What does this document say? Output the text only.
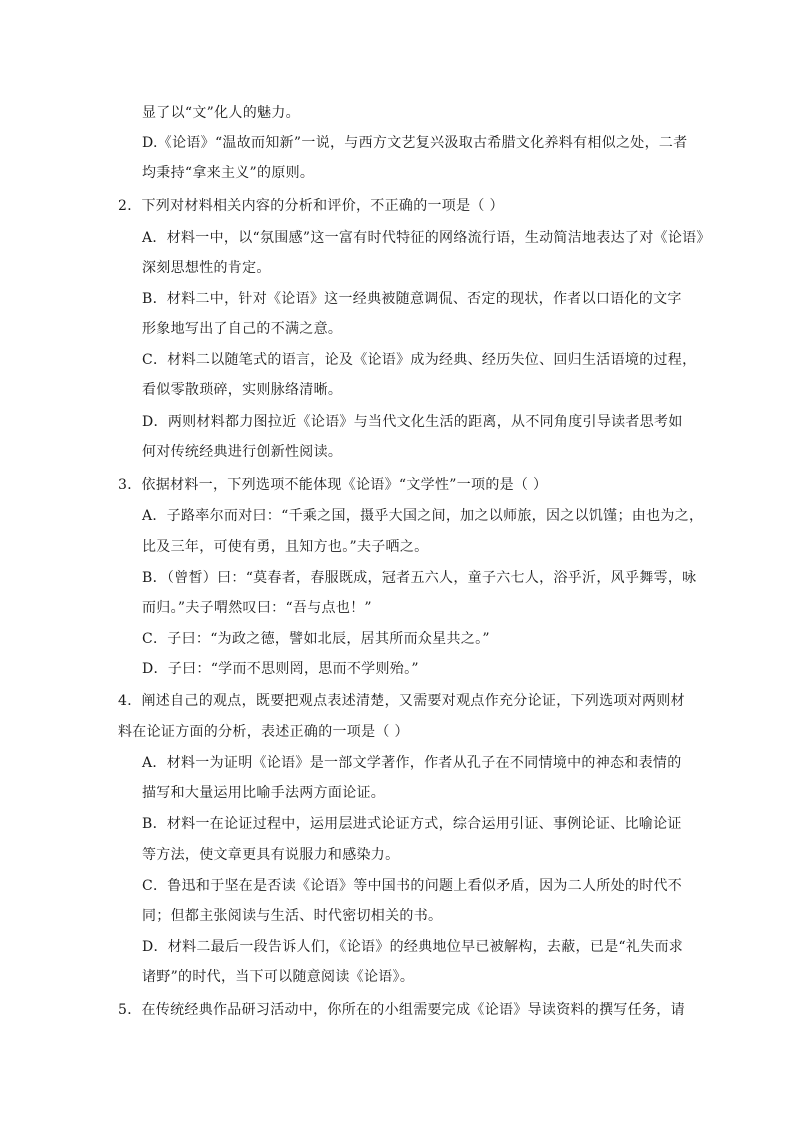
显了以“文”化人的魅力。
D.《论语》“温故而知新”一说，与西方文艺复兴汲取古希腊文化养料有相似之处，二者
均秉持“拿来主义”的原则。
2．下列对材料相关内容的分析和评价，不正确的一项是（ ）
A．材料一中，以“氛围感”这一富有时代特征的网络流行语，生动简洁地表达了对《论语》
深刻思想性的肯定。
B．材料二中，针对《论语》这一经典被随意调侃、否定的现状，作者以口语化的文字
形象地写出了自己的不满之意。
C．材料二以随笔式的语言，论及《论语》成为经典、经历失位、回归生活语境的过程，
看似零散琐碎，实则脉络清晰。
D．两则材料都力图拉近《论语》与当代文化生活的距离，从不同角度引导读者思考如
何对传统经典进行创新性阅读。
3．依据材料一，下列选项不能体现《论语》“文学性”一项的是（ ）
A．子路率尔而对曰：“千乘之国，摄乎大国之间，加之以师旅，因之以饥馑；由也为之，
比及三年，可使有勇，且知方也。”夫子哂之。
B．（曾皙）曰：“莫春者，春服既成，冠者五六人，童子六七人，浴乎沂，风乎舞雩，咏
而归。”夫子喟然叹曰：“吾与点也！”
C．子曰：“为政之德，譬如北辰，居其所而众星共之。”
D．子曰：“学而不思则罔，思而不学则殆。”
4．阐述自己的观点，既要把观点表述清楚，又需要对观点作充分论证，下列选项对两则材
料在论证方面的分析，表述正确的一项是（ ）
A．材料一为证明《论语》是一部文学著作，作者从孔子在不同情境中的神态和表情的
描写和大量运用比喻手法两方面论证。
B．材料一在论证过程中，运用层进式论证方式，综合运用引证、事例论证、比喻论证
等方法，使文章更具有说服力和感染力。
C．鲁迅和于坚在是否读《论语》等中国书的问题上看似矛盾，因为二人所处的时代不
同；但都主张阅读与生活、时代密切相关的书。
D．材料二最后一段告诉人们，《论语》的经典地位早已被解构，去蔽，已是“礼失而求
诸野”的时代，当下可以随意阅读《论语》。
5．在传统经典作品研习活动中，你所在的小组需要完成《论语》导读资料的撰写任务，请
